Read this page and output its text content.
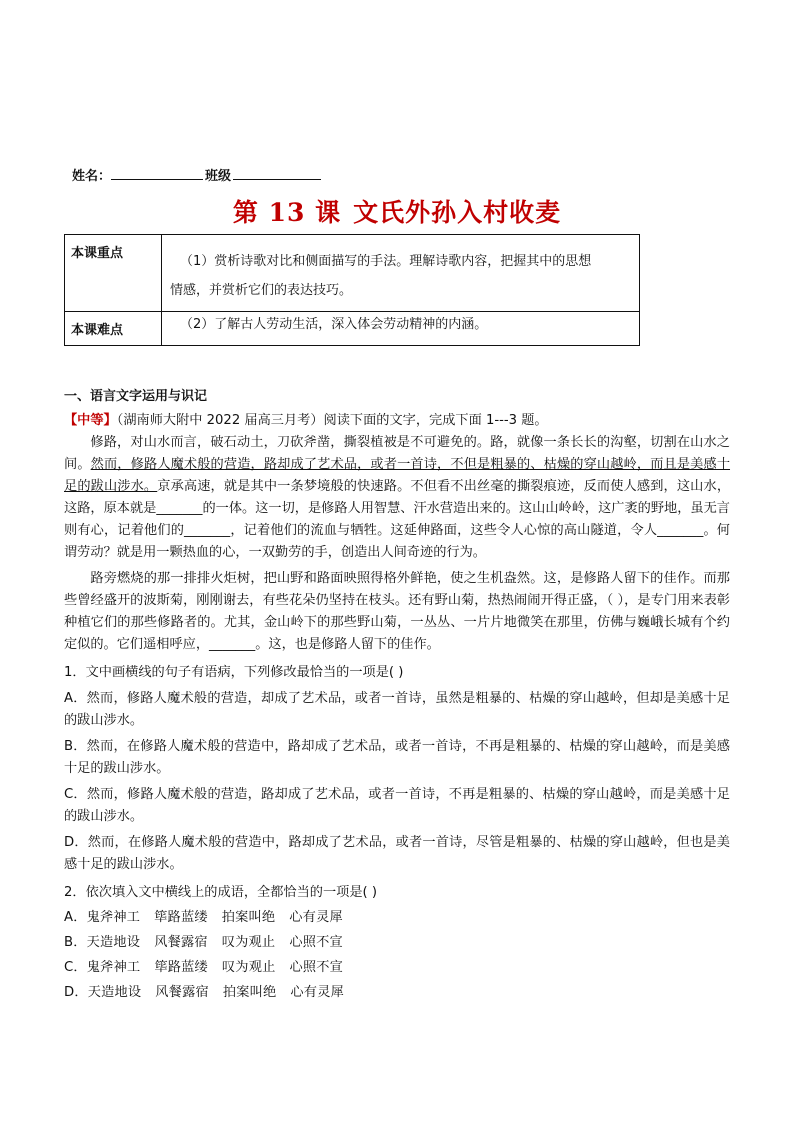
姓名：	班级
第 13 课 文氏外孙入村收麦
本课重点	（1）赏析诗歌对比和侧面描写的手法。理解诗歌内容，把握其中的思想
情感，并赏析它们的表达技巧。

本课难点	（2）了解古人劳动生活，深入体会劳动精神的内涵。
一、语言文字运用与识记
【中等】（湖南师大附中 2022 届高三月考）阅读下面的文字，完成下面 1---3 题。

修路，对山水而言，破石动土，刀砍斧凿，撕裂植被是不可避免的。路，就像一条长长的沟壑，切割在山水之间。然而，修路人魔术般的营造，路却成了艺术品，或者一首诗，不但是粗暴的、枯燥的穿山越岭，而且是美感十足的跋山涉水。京承高速，就是其中一条梦境般的快速路。不但看不出丝毫的撕裂痕迹，反而使人感到，这山水，这路，原本就是_______的一体。这一切，是修路人用智慧、汗水营造出来的。这山山岭岭，这广袤的野地，虽无言则有心，记着他们的_______，记着他们的流血与牺牲。这延伸路面，这些令人心惊的高山隧道，令人_______。何谓劳动？就是用一颗热血的心，一双勤劳的手，创造出人间奇迹的行为。

路旁燃烧的那一排排火炬树，把山野和路面映照得格外鲜艳，使之生机盎然。这，是修路人留下的佳作。而那些曾经盛开的波斯菊，刚刚谢去，有些花朵仍坚持在枝头。还有野山菊，热热闹闹开得正盛，（ ），是专门用来表彰种植它们的那些修路者的。尤其，金山岭下的那些野山菊，一丛丛、一片片地微笑在那里，仿佛与巍峨长城有个约定似的。它们遥相呼应，_______。这，也是修路人留下的佳作。

1．文中画横线的句子有语病，下列修改最恰当的一项是( )
A．然而，修路人魔术般的营造，却成了艺术品，或者一首诗，虽然是粗暴的、枯燥的穿山越岭，但却是美感十足的跋山涉水。
B．然而，在修路人魔术般的营造中，路却成了艺术品，或者一首诗，不再是粗暴的、枯燥的穿山越岭，而是美感十足的跋山涉水。
C．然而，修路人魔术般的营造，路却成了艺术品，或者一首诗，不再是粗暴的、枯燥的穿山越岭，而是美感十足的跋山涉水。
D．然而，在修路人魔术般的营造中，路却成了艺术品，或者一首诗，尽管是粗暴的、枯燥的穿山越岭，但也是美感十足的跋山涉水。
2．依次填入文中横线上的成语，全都恰当的一项是( )
A．鬼斧神工 筚路蓝缕 拍案叫绝 心有灵犀
B．天造地设 风餐露宿 叹为观止 心照不宣
C．鬼斧神工 筚路蓝缕 叹为观止 心照不宣
D．天造地设 风餐露宿 拍案叫绝 心有灵犀
